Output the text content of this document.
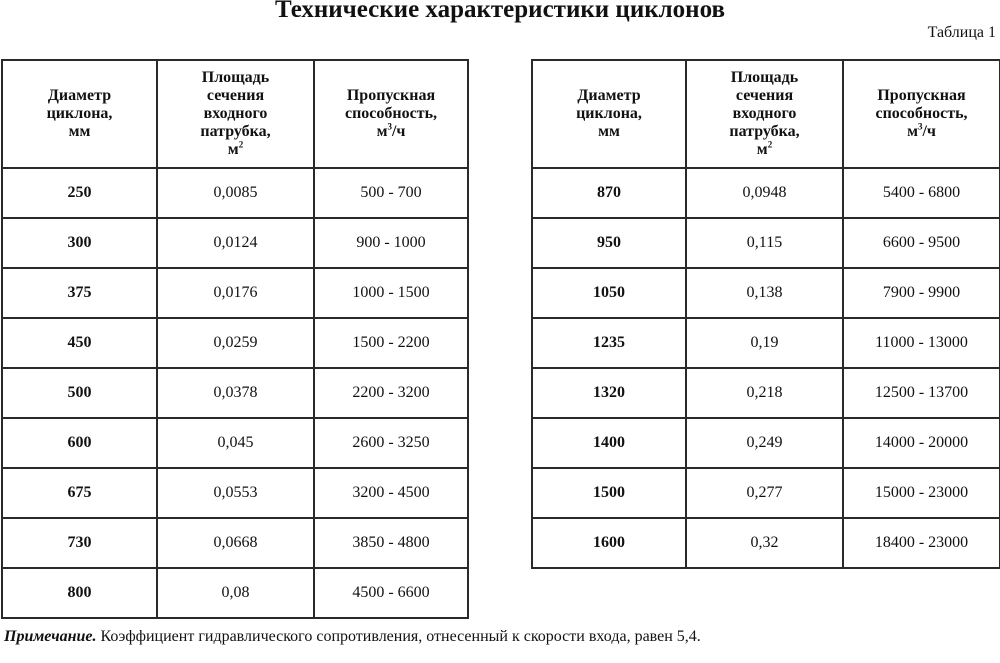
Технические характеристики циклонов
Таблица 1
Диаметр
циклона,
мм	Площадь
сечения
входного
патрубка,
$м^2$	Пропускная
способность,
$м^3/ч$
250	0,0085	500 - 700
300	0,0124	900 - 1000
375	0,0176	1000 - 1500
450	0,0259	1500 - 2200
500	0,0378	2200 - 3200
600	0,045	2600 - 3250
675	0,0553	3200 - 4500
730	0,0668	3850 - 4800
800	0,08	4500 - 6600
Диаметр
циклона,
мм	Площадь
сечения
входного
патрубка,
$м^2$	Пропускная
способность,
$м^3/ч$
870	0,0948	5400 - 6800
950	0,115	6600 - 9500
1050	0,138	7900 - 9900
1235	0,19	11000 - 13000
1320	0,218	12500 - 13700
1400	0,249	14000 - 20000
1500	0,277	15000 - 23000
1600	0,32	18400 - 23000
Примечание. Коэффициент гидравлического сопротивления, отнесенный к скорости входа, равен 5,4.
